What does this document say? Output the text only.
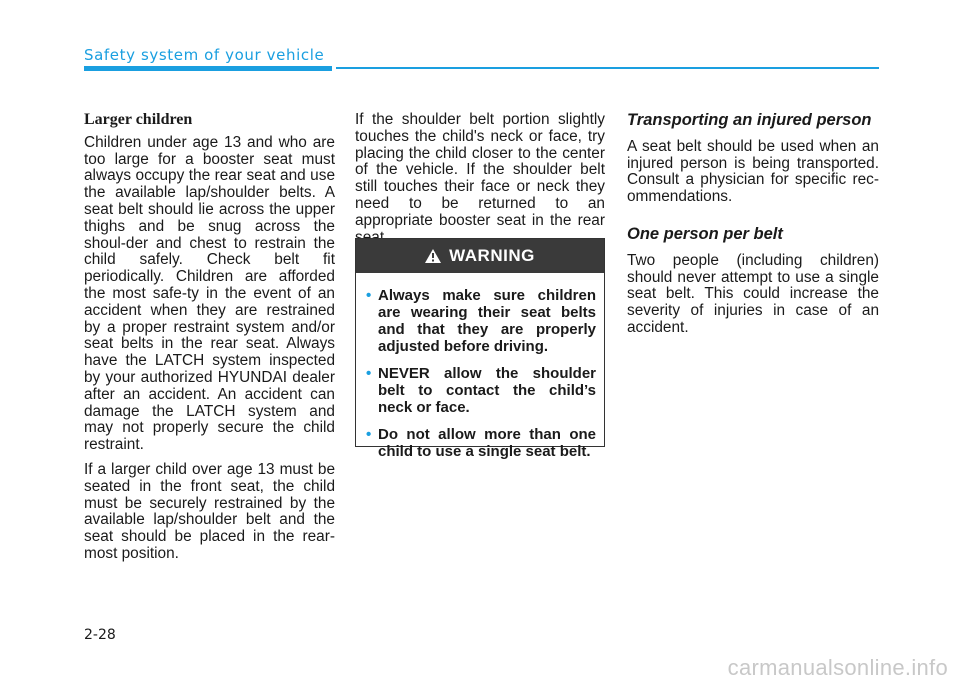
Safety system of your vehicle
Larger children

Children under age 13 and who are too large for a booster seat must always occupy the rear seat and use the available lap/shoulder belts. A seat belt should lie across the upper thighs and be snug across the shoul-der and chest to restrain the child safely. Check belt fit periodically. Children are afforded the most safe-ty in the event of an accident when they are restrained by a proper restraint system and/or seat belts in the rear seat. Always have the LATCH system inspected by your authorized HYUNDAI dealer after an accident. An accident can damage the LATCH system and may not properly secure the child restraint.

If a larger child over age 13 must be seated in the front seat, the child must be securely restrained by the available lap/shoulder belt and the seat should be placed in the rear-most position.

If the shoulder belt portion slightly touches the child's neck or face, try placing the child closer to the center of the vehicle. If the shoulder belt still touches their face or neck they need to be returned to an appropriate booster seat in the rear

WARNING
• Always make sure children are wearing their seat belts and that they are properly adjusted before driving.
• NEVER allow the shoulder belt to contact the child’s neck or face.
• Do not allow more than one child to use a single seat belt.
Transporting an injured person

A seat belt should be used when an injured person is being transported. Consult a physician for specific rec-ommendations.

One person per belt

Two people (including children) should never attempt to use a single seat belt. This could increase the severity of injuries in case of an accident.

2-28
carmanualsonline.info
